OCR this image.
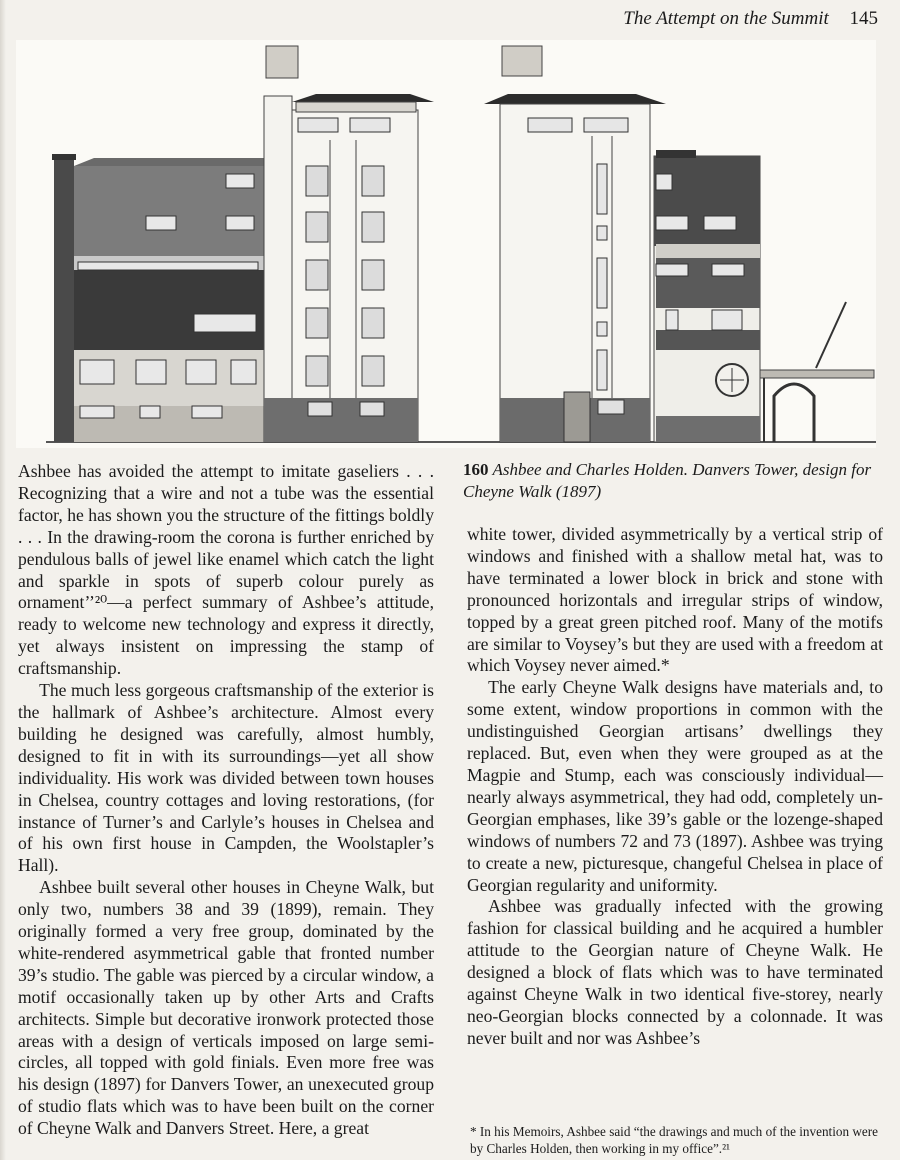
The Attempt on the Summit 145
160 Ashbee and Charles Holden. Danvers Tower, design for Cheyne Walk (1897)

Ashbee has avoided the attempt to imitate gaseliers . . . Recognizing that a wire and not a tube was the essential factor, he has shown you the structure of the fittings boldly . . . In the drawing-room the corona is further enriched by pendulous balls of jewel like enamel which catch the light and sparkle in spots of superb colour purely as ornament’’²⁰—a perfect summary of Ashbee’s attitude, ready to welcome new technology and express it directly, yet always insistent on impressing the stamp of craftsmanship.

The much less gorgeous craftsmanship of the exterior is the hallmark of Ashbee’s architecture. Almost every building he designed was carefully, almost humbly, designed to fit in with its surroundings—yet all show individuality. His work was divided between town houses in Chelsea, country cottages and loving restorations, (for instance of Turner’s and Carlyle’s houses in Chelsea and of his own first house in Campden, the Woolstapler’s Hall).

Ashbee built several other houses in Cheyne Walk, but only two, numbers 38 and 39 (1899), remain. They originally formed a very free group, dominated by the white-rendered asymmetrical gable that fronted number 39’s studio. The gable was pierced by a circular window, a motif occasionally taken up by other Arts and Crafts architects. Simple but decorative ironwork protected those areas with a design of verticals imposed on large semi-circles, all topped with gold finials. Even more free was his design (1897) for Danvers Tower, an unexecuted group of studio flats which was to have been built on the corner of Cheyne Walk and Danvers Street. Here, a great

white tower, divided asymmetrically by a vertical strip of windows and finished with a shallow metal hat, was to have terminated a lower block in brick and stone with pronounced horizontals and irregular strips of window, topped by a great green pitched roof. Many of the motifs are similar to Voysey’s but they are used with a freedom at which Voysey never aimed.*

The early Cheyne Walk designs have materials and, to some extent, window proportions in common with the undistinguished Georgian artisans’ dwellings they replaced. But, even when they were grouped as at the Magpie and Stump, each was consciously individual—nearly always asymmetrical, they had odd, completely un-Georgian emphases, like 39’s gable or the lozenge-shaped windows of numbers 72 and 73 (1897). Ashbee was trying to create a new, picturesque, changeful Chelsea in place of Georgian regularity and uniformity.

Ashbee was gradually infected with the growing fashion for classical building and he acquired a humbler attitude to the Georgian nature of Cheyne Walk. He designed a block of flats which was to have terminated against Cheyne Walk in two identical five-storey, nearly neo-Georgian blocks connected by a colonnade. It was never built and nor was Ashbee’s

* In his Memoirs, Ashbee said “the drawings and much of the invention were by Charles Holden, then working in my office”.²¹
